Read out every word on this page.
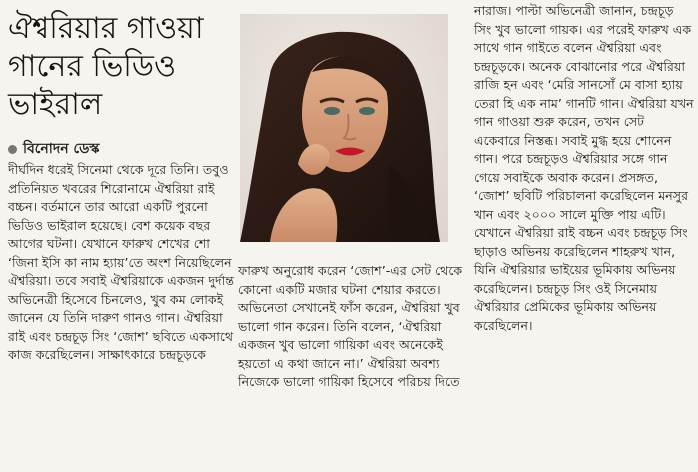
ঐশ্বরিয়ার গাওয়া গানের ভিডিও ভাইরাল
বিনোদন ডেস্ক

দীর্ঘদিন ধরেই সিনেমা থেকে দূরে তিনি। তবুও প্রতিনিয়ত খবরের শিরোনামে ঐশ্বরিয়া রাই বচ্চন। বর্তমানে তার আরো একটি পুরনো ভিডিও ভাইরাল হয়েছে। বেশ কয়েক বছর আগের ঘটনা। যেখানে ফারুখ শেখের শো ‘জিনা ইসি কা নাম হ্যায়’তে অংশ নিয়েছিলেন ঐশ্বরিয়া। তবে সবাই ঐশ্বরিয়াকে একজন দুর্দান্ত অভিনেত্রী হিসেবে চিনলেও, খুব কম লোকই জানেন যে তিনি দারুণ গানও গান। ঐশ্বরিয়া রাই এবং চন্দ্রচূড় সিং ‘জোশ’ ছবিতে একসাথে কাজ করেছিলেন। সাক্ষাৎকারে চন্দ্রচূড়কে

ফারুখ অনুরোধ করেন ‘জোশ’-এর সেট থেকে কোনো একটি মজার ঘটনা শেয়ার করতে। অভিনেতা সেখানেই ফাঁস করেন, ঐশ্বরিয়া খুব ভালো গান করেন। তিনি বলেন, ‘ঐশ্বরিয়া একজন খুব ভালো গায়িকা এবং অনেকেই হয়তো এ কথা জানে না।’ ঐশ্বরিয়া অবশ্য নিজেকে ভালো গায়িকা হিসেবে পরিচয় দিতে

নারাজ। পাল্টা অভিনেত্রী জানান, চন্দ্রচূড় সিং খুব ভালো গায়ক। এর পরেই ফারুখ এক সাথে গান গাইতে বলেন ঐশ্বরিয়া এবং চন্দ্রচূড়কে। অনেক বোঝানোর পরে ঐশ্বরিয়া রাজি হন এবং ‘মেরি সানসোঁ মে বাসা হ্যায় তেরা হি এক নাম’ গানটি গান। ঐশ্বরিয়া যখন গান গাওয়া শুরু করেন, তখন সেট একেবারে নিস্তব্ধ। সবাই মুগ্ধ হয়ে শোনেন গান। পরে চন্দ্রচূড়ও ঐশ্বরিয়ার সঙ্গে গান গেয়ে সবাইকে অবাক করেন। প্রসঙ্গত, ‘জোশ’ ছবিটি পরিচালনা করেছিলেন মনসুর খান এবং ২০০০ সালে মুক্তি পায় এটি। যেখানে ঐশ্বরিয়া রাই বচ্চন এবং চন্দ্রচূড় সিং ছাড়াও অভিনয় করেছিলেন শাহরুখ খান, যিনি ঐশ্বরিয়ার ভাইয়ের ভূমিকায় অভিনয় করেছিলেন। চন্দ্রচূড় সিং ওই সিনেমায় ঐশ্বরিয়ার প্রেমিকের ভূমিকায় অভিনয় করেছিলেন।
